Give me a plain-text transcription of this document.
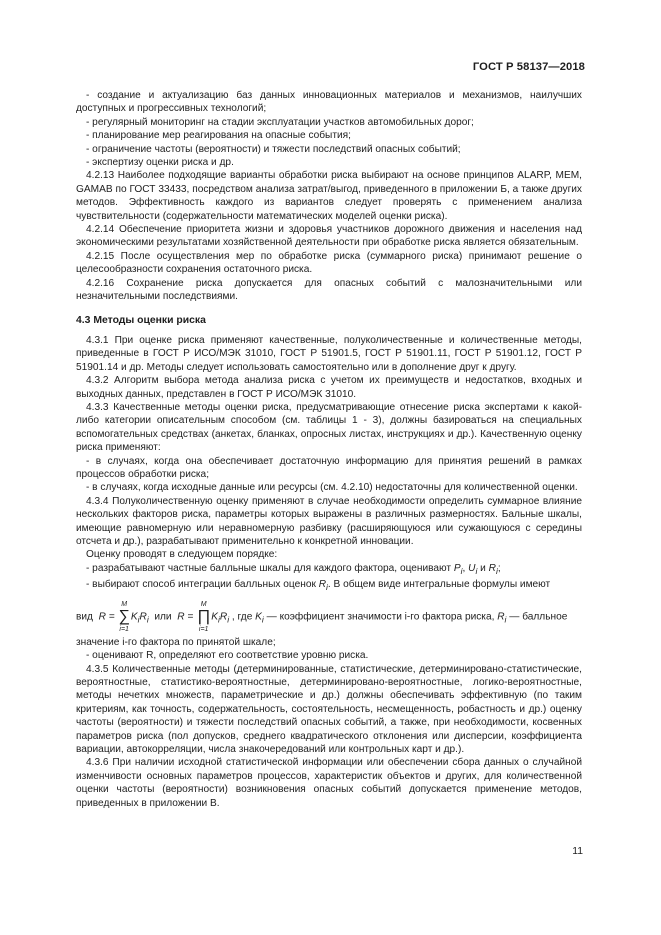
ГОСТ Р 58137—2018

- создание и актуализацию баз данных инновационных материалов и механизмов, наилучших доступных и прогрессивных технологий;

- регулярный мониторинг на стадии эксплуатации участков автомобильных дорог;

- планирование мер реагирования на опасные события;

- ограничение частоты (вероятности) и тяжести последствий опасных событий;

- экспертизу оценки риска и др.

4.2.13 Наиболее подходящие варианты обработки риска выбирают на основе принципов ALARP, МЕМ, GAMAB по ГОСТ 33433, посредством анализа затрат/выгод, приведенного в приложении Б, а также других методов. Эффективность каждого из вариантов следует проверять с применением анализа чувствительности (содержательности математических моделей оценки риска).

4.2.14 Обеспечение приоритета жизни и здоровья участников дорожного движения и населения над экономическими результатами хозяйственной деятельности при обработке риска является обязательным.

4.2.15 После осуществления мер по обработке риска (суммарного риска) принимают решение о целесообразности сохранения остаточного риска.

4.2.16 Сохранение риска допускается для опасных событий с малозначительными или незначительными последствиями.

4.3 Методы оценки риска

4.3.1 При оценке риска применяют качественные, полуколичественные и количественные методы, приведенные в ГОСТ Р ИСО/МЭК 31010, ГОСТ Р 51901.5, ГОСТ Р 51901.11, ГОСТ Р 51901.12, ГОСТ Р 51901.14 и др. Методы следует использовать самостоятельно или в дополнение друг к другу.

4.3.2 Алгоритм выбора метода анализа риска с учетом их преимуществ и недостатков, входных и выходных данных, представлен в ГОСТ Р ИСО/МЭК 31010.

4.3.3 Качественные методы оценки риска, предусматривающие отнесение риска экспертами к какой-либо категории описательным способом (см. таблицы 1 - 3), должны базироваться на специальных вспомогательных средствах (анкетах, бланках, опросных листах, инструкциях и др.). Качественную оценку риска применяют:

- в случаях, когда она обеспечивает достаточную информацию для принятия решений в рамках процессов обработки риска;

- в случаях, когда исходные данные или ресурсы (см. 4.2.10) недостаточны для количественной оценки.

4.3.4 Полуколичественную оценку применяют в случае необходимости определить суммарное влияние нескольких факторов риска, параметры которых выражены в различных размерностях. Бальные шкалы, имеющие равномерную или неравномерную разбивку (расширяющуюся или сужающуюся с середины отсчета и др.), разрабатывают применительно к конкретной инновации.

Оценку проводят в следующем порядке:

- разрабатывают частные балльные шкалы для каждого фактора, оценивают $P_i$, $U_i$ и $R_i$;

- выбирают способ интеграции балльных оценок $R_i$. В общем виде интегральные формулы имеют

вид R =
M
∑
i=1
$K_iR_i$ или R =
M
∏
i=1
$K_iR_i$ , где $K_i$ — коэффициент значимости i-го фактора риска, $R_i$ — балльное

значение i-го фактора по принятой шкале;

- оценивают R, определяют его соответствие уровню риска.

4.3.5 Количественные методы (детерминированные, статистические, детерминировано-статистические, вероятностные, статистико-вероятностные, детерминировано-вероятностные, логико-вероятностные, методы нечетких множеств, параметрические и др.) должны обеспечивать эффективную (по таким критериям, как точность, содержательность, состоятельность, несмещенность, робастность и др.) оценку частоты (вероятности) и тяжести последствий опасных событий, а также, при необходимости, косвенных параметров риска (пол допусков, среднего квадратического отклонения или дисперсии, коэффициента вариации, автокорреляции, числа знакочередований или контрольных карт и др.).

4.3.6 При наличии исходной статистической информации или обеспечении сбора данных о случайной изменчивости основных параметров процессов, характеристик объектов и других, для количественной оценки частоты (вероятности) возникновения опасных событий допускается применение методов, приведенных в приложении В.

11
